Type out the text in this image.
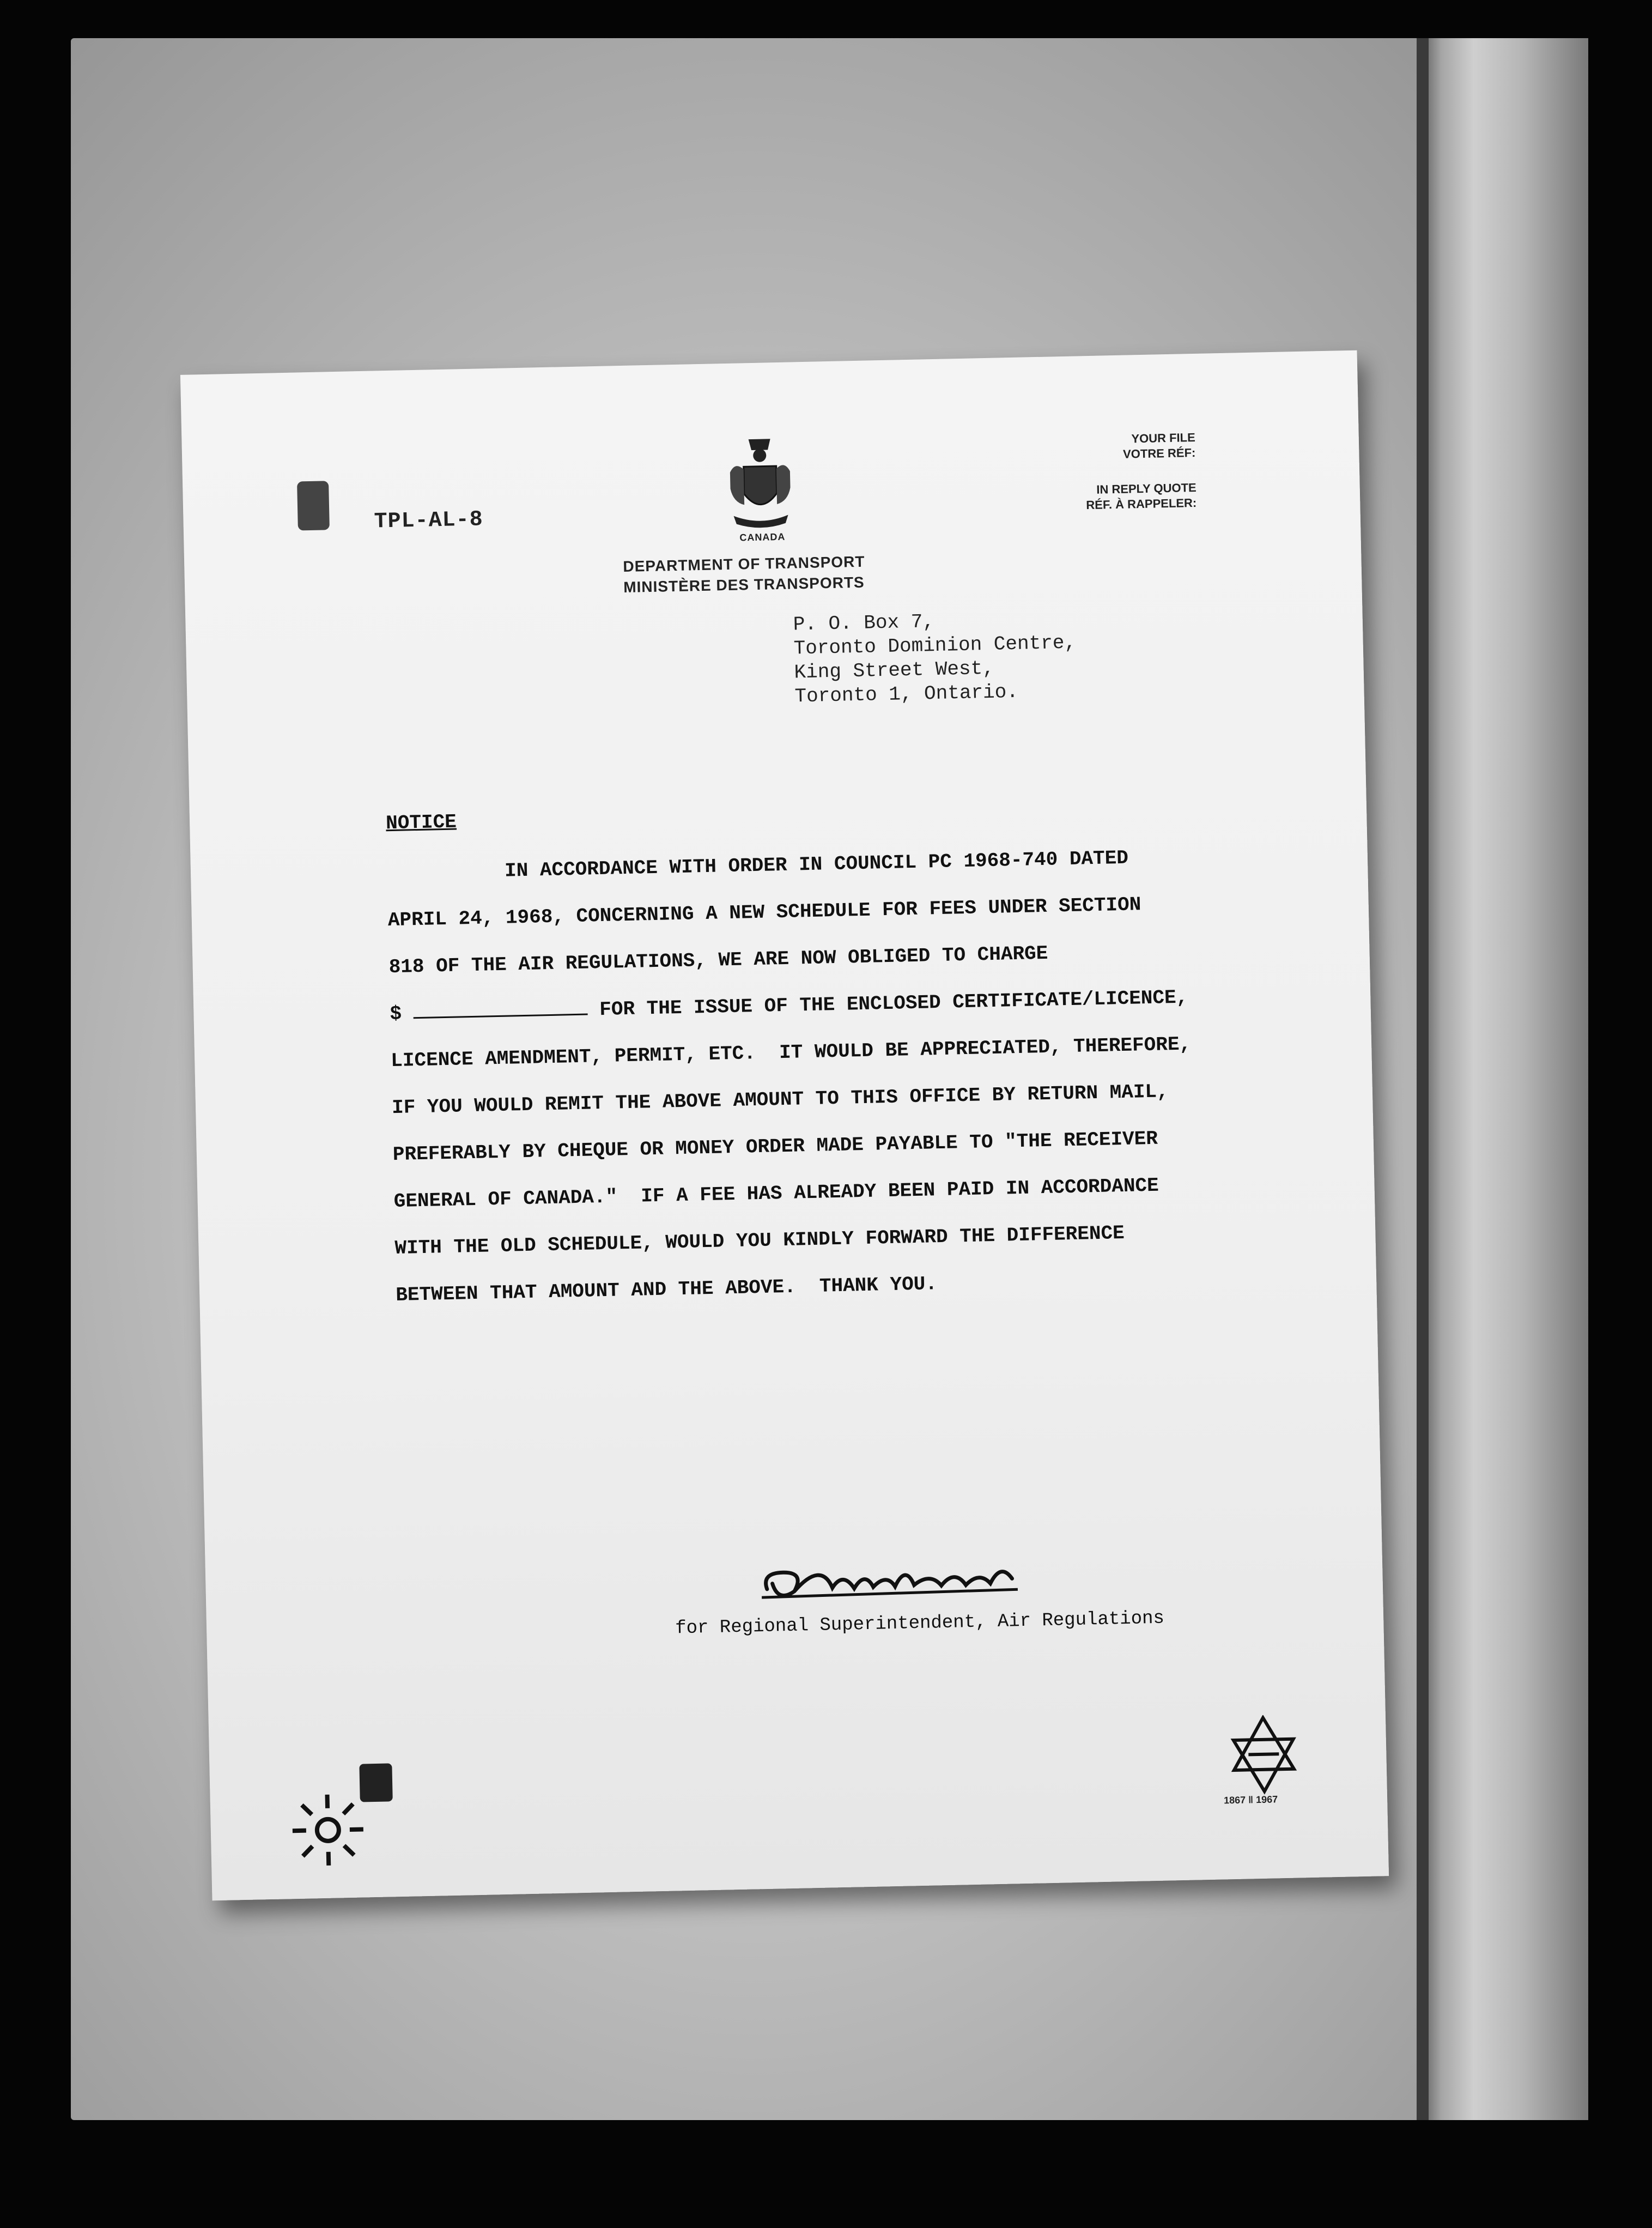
TPL-AL-8
CANADA
DEPARTMENT OF TRANSPORT
MINISTÈRE DES TRANSPORTS
YOUR FILE
VOTRE RÉF:
IN REPLY QUOTE
RÉF. À RAPPELER:
P. O. Box 7,
Toronto Dominion Centre,
King Street West,
Toronto 1, Ontario.
NOTICE
IN ACCORDANCE WITH ORDER IN COUNCIL PC 1968-740 DATED
APRIL 24, 1968, CONCERNING A NEW SCHEDULE FOR FEES UNDER SECTION
818 OF THE AIR REGULATIONS, WE ARE NOW OBLIGED TO CHARGE
$	FOR THE ISSUE OF THE ENCLOSED CERTIFICATE/LICENCE,
LICENCE AMENDMENT, PERMIT, ETC.  IT WOULD BE APPRECIATED, THEREFORE,
IF YOU WOULD REMIT THE ABOVE AMOUNT TO THIS OFFICE BY RETURN MAIL,
PREFERABLY BY CHEQUE OR MONEY ORDER MADE PAYABLE TO "THE RECEIVER
GENERAL OF CANADA."  IF A FEE HAS ALREADY BEEN PAID IN ACCORDANCE
WITH THE OLD SCHEDULE, WOULD YOU KINDLY FORWARD THE DIFFERENCE
BETWEEN THAT AMOUNT AND THE ABOVE.  THANK YOU.
for Regional Superintendent, Air Regulations
1867 ǁ 1967
